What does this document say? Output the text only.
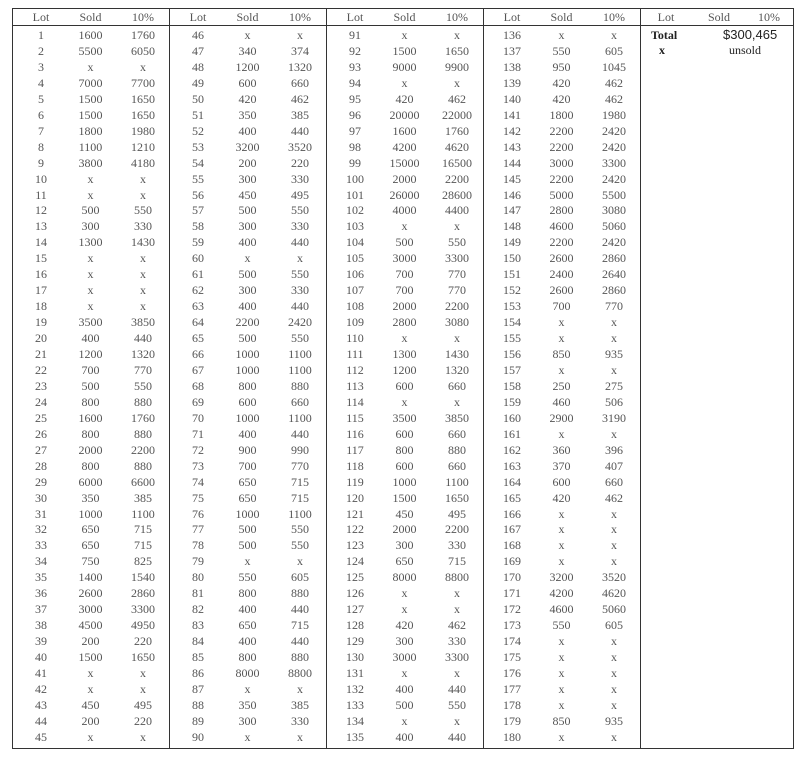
Lot	Sold	10%
1	1600	1760
2	5500	6050
3	x	x
4	7000	7700
5	1500	1650
6	1500	1650
7	1800	1980
8	1100	1210
9	3800	4180
10	x	x
11	x	x
12	500	550
13	300	330
14	1300	1430
15	x	x
16	x	x
17	x	x
18	x	x
19	3500	3850
20	400	440
21	1200	1320
22	700	770
23	500	550
24	800	880
25	1600	1760
26	800	880
27	2000	2200
28	800	880
29	6000	6600
30	350	385
31	1000	1100
32	650	715
33	650	715
34	750	825
35	1400	1540
36	2600	2860
37	3000	3300
38	4500	4950
39	200	220
40	1500	1650
41	x	x
42	x	x
43	450	495
44	200	220
45	x	x
Lot	Sold	10%
46	x	x
47	340	374
48	1200	1320
49	600	660
50	420	462
51	350	385
52	400	440
53	3200	3520
54	200	220
55	300	330
56	450	495
57	500	550
58	300	330
59	400	440
60	x	x
61	500	550
62	300	330
63	400	440
64	2200	2420
65	500	550
66	1000	1100
67	1000	1100
68	800	880
69	600	660
70	1000	1100
71	400	440
72	900	990
73	700	770
74	650	715
75	650	715
76	1000	1100
77	500	550
78	500	550
79	x	x
80	550	605
81	800	880
82	400	440
83	650	715
84	400	440
85	800	880
86	8000	8800
87	x	x
88	350	385
89	300	330
90	x	x
Lot	Sold	10%
91	x	x
92	1500	1650
93	9000	9900
94	x	x
95	420	462
96	20000	22000
97	1600	1760
98	4200	4620
99	15000	16500
100	2000	2200
101	26000	28600
102	4000	4400
103	x	x
104	500	550
105	3000	3300
106	700	770
107	700	770
108	2000	2200
109	2800	3080
110	x	x
111	1300	1430
112	1200	1320
113	600	660
114	x	x
115	3500	3850
116	600	660
117	800	880
118	600	660
119	1000	1100
120	1500	1650
121	450	495
122	2000	2200
123	300	330
124	650	715
125	8000	8800
126	x	x
127	x	x
128	420	462
129	300	330
130	3000	3300
131	x	x
132	400	440
133	500	550
134	x	x
135	400	440
Lot	Sold	10%
136	x	x
137	550	605
138	950	1045
139	420	462
140	420	462
141	1800	1980
142	2200	2420
143	2200	2420
144	3000	3300
145	2200	2420
146	5000	5500
147	2800	3080
148	4600	5060
149	2200	2420
150	2600	2860
151	2400	2640
152	2600	2860
153	700	770
154	x	x
155	x	x
156	850	935
157	x	x
158	250	275
159	460	506
160	2900	3190
161	x	x
162	360	396
163	370	407
164	600	660
165	420	462
166	x	x
167	x	x
168	x	x
169	x	x
170	3200	3520
171	4200	4620
172	4600	5060
173	550	605
174	x	x
175	x	x
176	x	x
177	x	x
178	x	x
179	850	935
180	x	x
Lot	Sold	10%
Total	$300,465
x	unsold
